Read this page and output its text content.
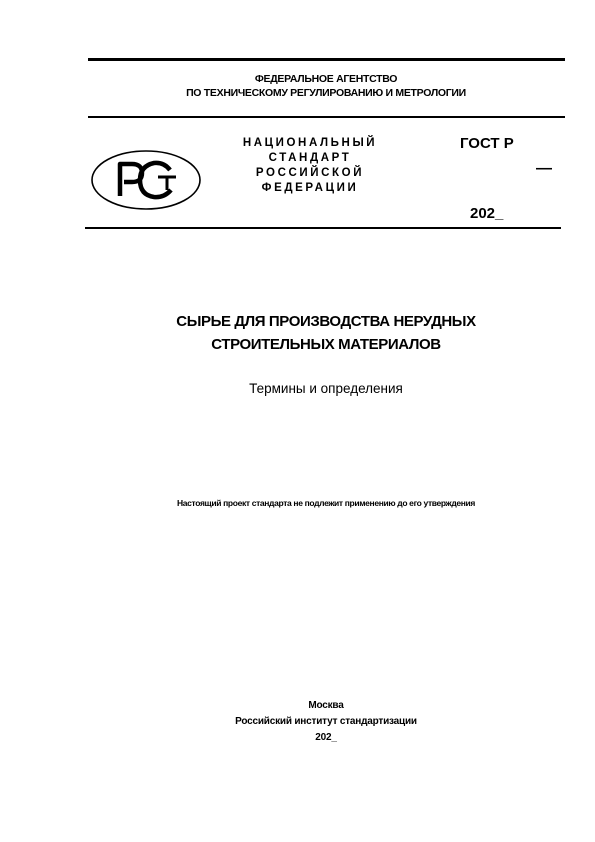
ФЕДЕРАЛЬНОЕ АГЕНТСТВО
ПО ТЕХНИЧЕСКОМУ РЕГУЛИРОВАНИЮ И МЕТРОЛОГИИ
НАЦИОНАЛЬНЫЙ
СТАНДАРТ
РОССИЙСКОЙ
ФЕДЕРАЦИИ
ГОСТ Р
—
202_
СЫРЬЕ ДЛЯ ПРОИЗВОДСТВА НЕРУДНЫХ
СТРОИТЕЛЬНЫХ МАТЕРИАЛОВ
Термины и определения
Настоящий проект стандарта не подлежит применению до его утверждения
Москва
Российский институт стандартизации
202_
